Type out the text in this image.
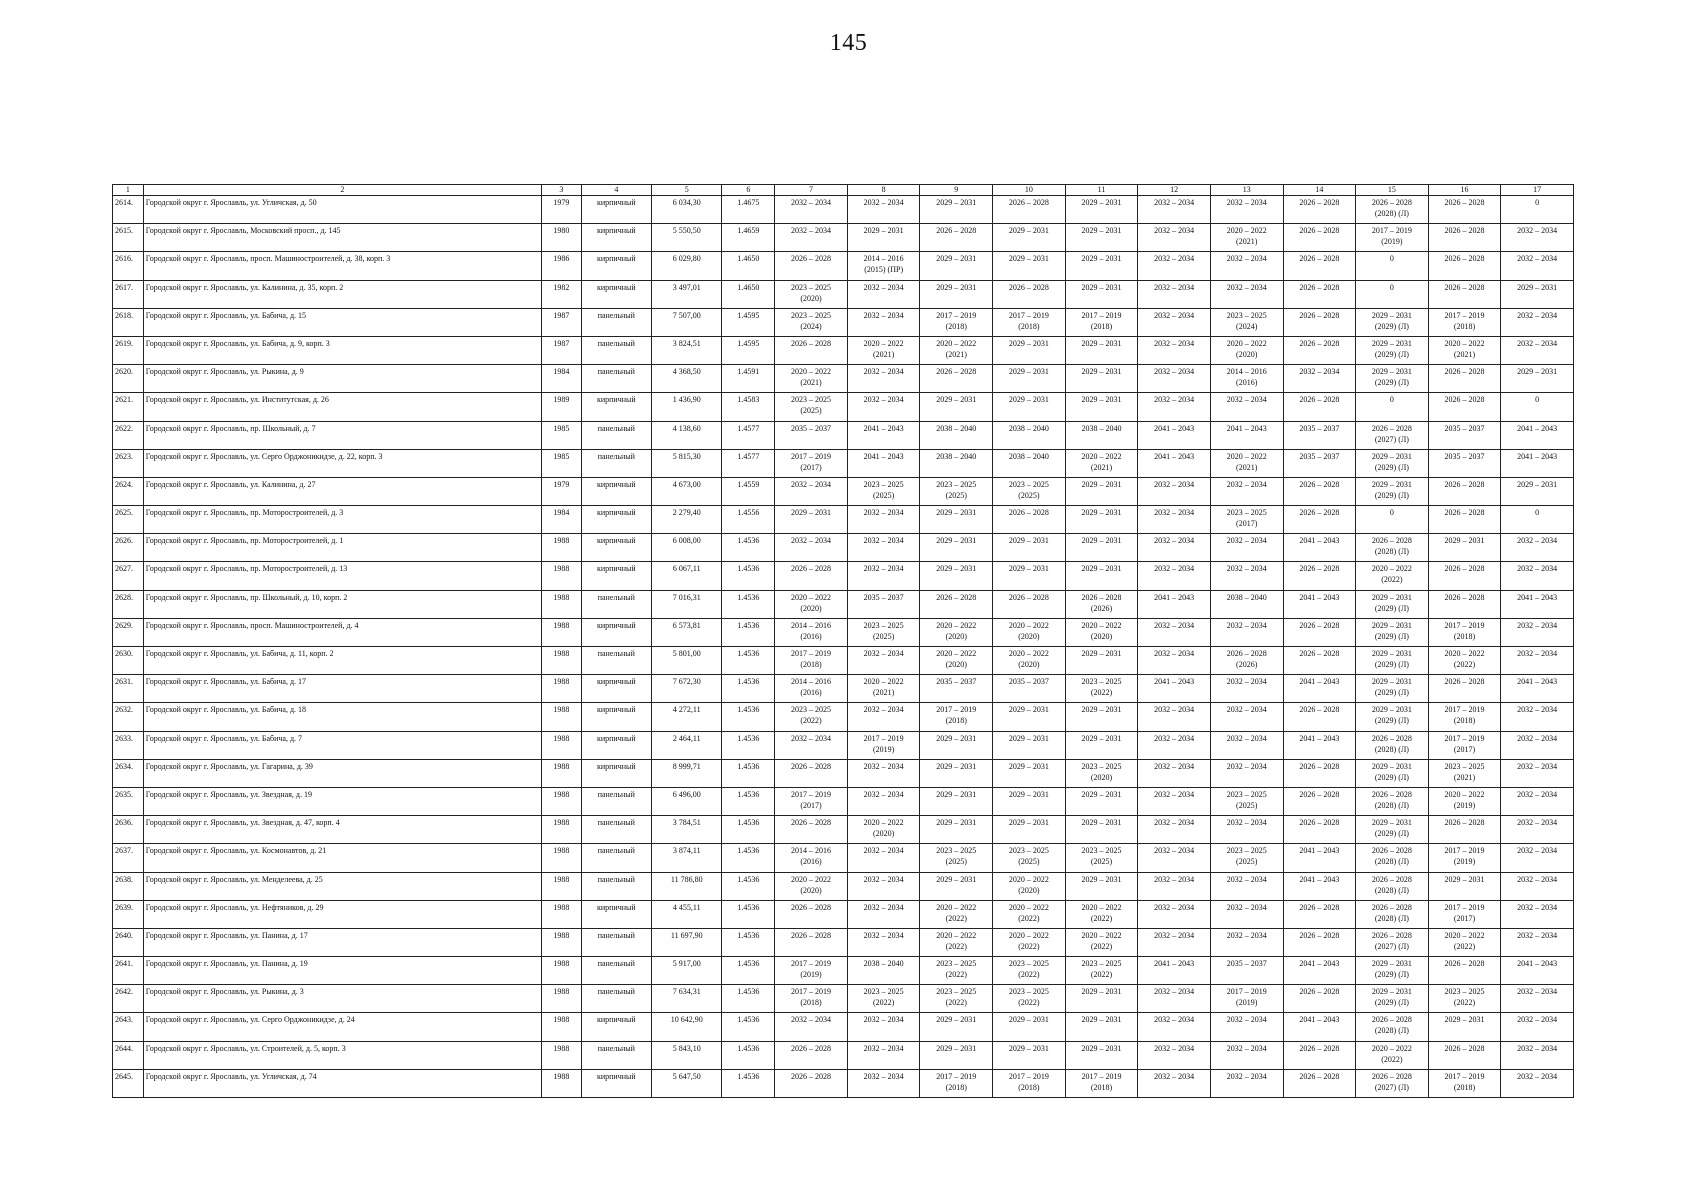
145
1	2	3	4	5	6	7	8	9	10	11	12	13	14	15	16	17
2614.	Городской округ г. Ярославль, ул. Угличская, д. 50	1979	кирпичный	6 034,30	1.4675	2032 – 2034	2032 – 2034	2029 – 2031	2026 – 2028	2029 – 2031	2032 – 2034	2032 – 2034	2026 – 2028	2026 – 2028
(2028) (Л)	2026 – 2028	0
2615.	Городской округ г. Ярославль, Московский просп., д. 145	1980	кирпичный	5 550,50	1.4659	2032 – 2034	2029 – 2031	2026 – 2028	2029 – 2031	2029 – 2031	2032 – 2034	2020 – 2022
(2021)	2026 – 2028	2017 – 2019
(2019)	2026 – 2028	2032 – 2034
2616.	Городской округ г. Ярославль, просп. Машиностроителей, д. 38, корп. 3	1986	кирпичный	6 029,80	1.4650	2026 – 2028	2014 – 2016
(2015) (ПР)	2029 – 2031	2029 – 2031	2029 – 2031	2032 – 2034	2032 – 2034	2026 – 2028	0	2026 – 2028	2032 – 2034
2617.	Городской округ г. Ярославль, ул. Калинина, д. 35, корп. 2	1982	кирпичный	3 497,01	1.4650	2023 – 2025
(2020)	2032 – 2034	2029 – 2031	2026 – 2028	2029 – 2031	2032 – 2034	2032 – 2034	2026 – 2028	0	2026 – 2028	2029 – 2031
2618.	Городской округ г. Ярославль, ул. Бабича, д. 15	1987	панельный	7 507,00	1.4595	2023 – 2025
(2024)	2032 – 2034	2017 – 2019
(2018)	2017 – 2019
(2018)	2017 – 2019
(2018)	2032 – 2034	2023 – 2025
(2024)	2026 – 2028	2029 – 2031
(2029) (Л)	2017 – 2019
(2018)	2032 – 2034
2619.	Городской округ г. Ярославль, ул. Бабича, д. 9, корп. 3	1987	панельный	3 824,51	1.4595	2026 – 2028	2020 – 2022
(2021)	2020 – 2022
(2021)	2029 – 2031	2029 – 2031	2032 – 2034	2020 – 2022
(2020)	2026 – 2028	2029 – 2031
(2029) (Л)	2020 – 2022
(2021)	2032 – 2034
2620.	Городской округ г. Ярославль, ул. Рыкина, д. 9	1984	панельный	4 368,50	1.4591	2020 – 2022
(2021)	2032 – 2034	2026 – 2028	2029 – 2031	2029 – 2031	2032 – 2034	2014 – 2016
(2016)	2032 – 2034	2029 – 2031
(2029) (Л)	2026 – 2028	2029 – 2031
2621.	Городской округ г. Ярославль, ул. Институтская, д. 26	1989	кирпичный	1 436,90	1.4583	2023 – 2025
(2025)	2032 – 2034	2029 – 2031	2029 – 2031	2029 – 2031	2032 – 2034	2032 – 2034	2026 – 2028	0	2026 – 2028	0
2622.	Городской округ г. Ярославль, пр. Школьный, д. 7	1985	панельный	4 138,60	1.4577	2035 – 2037	2041 – 2043	2038 – 2040	2038 – 2040	2038 – 2040	2041 – 2043	2041 – 2043	2035 – 2037	2026 – 2028
(2027) (Л)	2035 – 2037	2041 – 2043
2623.	Городской округ г. Ярославль, ул. Серго Орджоникидзе, д. 22, корп. 3	1985	панельный	5 815,30	1.4577	2017 – 2019
(2017)	2041 – 2043	2038 – 2040	2038 – 2040	2020 – 2022
(2021)	2041 – 2043	2020 – 2022
(2021)	2035 – 2037	2029 – 2031
(2029) (Л)	2035 – 2037	2041 – 2043
2624.	Городской округ г. Ярославль, ул. Калинина, д. 27	1979	кирпичный	4 673,00	1.4559	2032 – 2034	2023 – 2025
(2025)	2023 – 2025
(2025)	2023 – 2025
(2025)	2029 – 2031	2032 – 2034	2032 – 2034	2026 – 2028	2029 – 2031
(2029) (Л)	2026 – 2028	2029 – 2031
2625.	Городской округ г. Ярославль, пр. Моторостроителей, д. 3	1984	кирпичный	2 279,40	1.4556	2029 – 2031	2032 – 2034	2029 – 2031	2026 – 2028	2029 – 2031	2032 – 2034	2023 – 2025
(2017)	2026 – 2028	0	2026 – 2028	0
2626.	Городской округ г. Ярославль, пр. Моторостроителей, д. 1	1988	кирпичный	6 008,00	1.4536	2032 – 2034	2032 – 2034	2029 – 2031	2029 – 2031	2029 – 2031	2032 – 2034	2032 – 2034	2041 – 2043	2026 – 2028
(2028) (Л)	2029 – 2031	2032 – 2034
2627.	Городской округ г. Ярославль, пр. Моторостроителей, д. 13	1988	кирпичный	6 067,11	1.4536	2026 – 2028	2032 – 2034	2029 – 2031	2029 – 2031	2029 – 2031	2032 – 2034	2032 – 2034	2026 – 2028	2020 – 2022
(2022)	2026 – 2028	2032 – 2034
2628.	Городской округ г. Ярославль, пр. Школьный, д. 10, корп. 2	1988	панельный	7 016,31	1.4536	2020 – 2022
(2020)	2035 – 2037	2026 – 2028	2026 – 2028	2026 – 2028
(2026)	2041 – 2043	2038 – 2040	2041 – 2043	2029 – 2031
(2029) (Л)	2026 – 2028	2041 – 2043
2629.	Городской округ г. Ярославль, просп. Машиностроителей, д. 4	1988	кирпичный	6 573,81	1.4536	2014 – 2016
(2016)	2023 – 2025
(2025)	2020 – 2022
(2020)	2020 – 2022
(2020)	2020 – 2022
(2020)	2032 – 2034	2032 – 2034	2026 – 2028	2029 – 2031
(2029) (Л)	2017 – 2019
(2018)	2032 – 2034
2630.	Городской округ г. Ярославль, ул. Бабича, д. 11, корп. 2	1988	панельный	5 801,00	1.4536	2017 – 2019
(2018)	2032 – 2034	2020 – 2022
(2020)	2020 – 2022
(2020)	2029 – 2031	2032 – 2034	2026 – 2028
(2026)	2026 – 2028	2029 – 2031
(2029) (Л)	2020 – 2022
(2022)	2032 – 2034
2631.	Городской округ г. Ярославль, ул. Бабича, д. 17	1988	кирпичный	7 672,30	1.4536	2014 – 2016
(2016)	2020 – 2022
(2021)	2035 – 2037	2035 – 2037	2023 – 2025
(2022)	2041 – 2043	2032 – 2034	2041 – 2043	2029 – 2031
(2029) (Л)	2026 – 2028	2041 – 2043
2632.	Городской округ г. Ярославль, ул. Бабича, д. 18	1988	кирпичный	4 272,11	1.4536	2023 – 2025
(2022)	2032 – 2034	2017 – 2019
(2018)	2029 – 2031	2029 – 2031	2032 – 2034	2032 – 2034	2026 – 2028	2029 – 2031
(2029) (Л)	2017 – 2019
(2018)	2032 – 2034
2633.	Городской округ г. Ярославль, ул. Бабича, д. 7	1988	кирпичный	2 464,11	1.4536	2032 – 2034	2017 – 2019
(2019)	2029 – 2031	2029 – 2031	2029 – 2031	2032 – 2034	2032 – 2034	2041 – 2043	2026 – 2028
(2028) (Л)	2017 – 2019
(2017)	2032 – 2034
2634.	Городской округ г. Ярославль, ул. Гагарина, д. 39	1988	кирпичный	8 999,71	1.4536	2026 – 2028	2032 – 2034	2029 – 2031	2029 – 2031	2023 – 2025
(2020)	2032 – 2034	2032 – 2034	2026 – 2028	2029 – 2031
(2029) (Л)	2023 – 2025
(2021)	2032 – 2034
2635.	Городской округ г. Ярославль, ул. Звездная, д. 19	1988	панельный	6 496,00	1.4536	2017 – 2019
(2017)	2032 – 2034	2029 – 2031	2029 – 2031	2029 – 2031	2032 – 2034	2023 – 2025
(2025)	2026 – 2028	2026 – 2028
(2028) (Л)	2020 – 2022
(2019)	2032 – 2034
2636.	Городской округ г. Ярославль, ул. Звездная, д. 47, корп. 4	1988	панельный	3 784,51	1.4536	2026 – 2028	2020 – 2022
(2020)	2029 – 2031	2029 – 2031	2029 – 2031	2032 – 2034	2032 – 2034	2026 – 2028	2029 – 2031
(2029) (Л)	2026 – 2028	2032 – 2034
2637.	Городской округ г. Ярославль, ул. Космонавтов, д. 21	1988	панельный	3 874,11	1.4536	2014 – 2016
(2016)	2032 – 2034	2023 – 2025
(2025)	2023 – 2025
(2025)	2023 – 2025
(2025)	2032 – 2034	2023 – 2025
(2025)	2041 – 2043	2026 – 2028
(2028) (Л)	2017 – 2019
(2019)	2032 – 2034
2638.	Городской округ г. Ярославль, ул. Менделеева, д. 25	1988	панельный	11 786,80	1.4536	2020 – 2022
(2020)	2032 – 2034	2029 – 2031	2020 – 2022
(2020)	2029 – 2031	2032 – 2034	2032 – 2034	2041 – 2043	2026 – 2028
(2028) (Л)	2029 – 2031	2032 – 2034
2639.	Городской округ г. Ярославль, ул. Нефтяников, д. 29	1988	кирпичный	4 455,11	1.4536	2026 – 2028	2032 – 2034	2020 – 2022
(2022)	2020 – 2022
(2022)	2020 – 2022
(2022)	2032 – 2034	2032 – 2034	2026 – 2028	2026 – 2028
(2028) (Л)	2017 – 2019
(2017)	2032 – 2034
2640.	Городской округ г. Ярославль, ул. Панина, д. 17	1988	панельный	11 697,90	1.4536	2026 – 2028	2032 – 2034	2020 – 2022
(2022)	2020 – 2022
(2022)	2020 – 2022
(2022)	2032 – 2034	2032 – 2034	2026 – 2028	2026 – 2028
(2027) (Л)	2020 – 2022
(2022)	2032 – 2034
2641.	Городской округ г. Ярославль, ул. Панина, д. 19	1988	панельный	5 917,00	1.4536	2017 – 2019
(2019)	2038 – 2040	2023 – 2025
(2022)	2023 – 2025
(2022)	2023 – 2025
(2022)	2041 – 2043	2035 – 2037	2041 – 2043	2029 – 2031
(2029) (Л)	2026 – 2028	2041 – 2043
2642.	Городской округ г. Ярославль, ул. Рыкина, д. 3	1988	панельный	7 634,31	1.4536	2017 – 2019
(2018)	2023 – 2025
(2022)	2023 – 2025
(2022)	2023 – 2025
(2022)	2029 – 2031	2032 – 2034	2017 – 2019
(2019)	2026 – 2028	2029 – 2031
(2029) (Л)	2023 – 2025
(2022)	2032 – 2034
2643.	Городской округ г. Ярославль, ул. Серго Орджоникидзе, д. 24	1988	кирпичный	10 642,90	1.4536	2032 – 2034	2032 – 2034	2029 – 2031	2029 – 2031	2029 – 2031	2032 – 2034	2032 – 2034	2041 – 2043	2026 – 2028
(2028) (Л)	2029 – 2031	2032 – 2034
2644.	Городской округ г. Ярославль, ул. Строителей, д. 5, корп. 3	1988	панельный	5 843,10	1.4536	2026 – 2028	2032 – 2034	2029 – 2031	2029 – 2031	2029 – 2031	2032 – 2034	2032 – 2034	2026 – 2028	2020 – 2022
(2022)	2026 – 2028	2032 – 2034
2645.	Городской округ г. Ярославль, ул. Угличская, д. 74	1988	кирпичный	5 647,50	1.4536	2026 – 2028	2032 – 2034	2017 – 2019
(2018)	2017 – 2019
(2018)	2017 – 2019
(2018)	2032 – 2034	2032 – 2034	2026 – 2028	2026 – 2028
(2027) (Л)	2017 – 2019
(2018)	2032 – 2034
